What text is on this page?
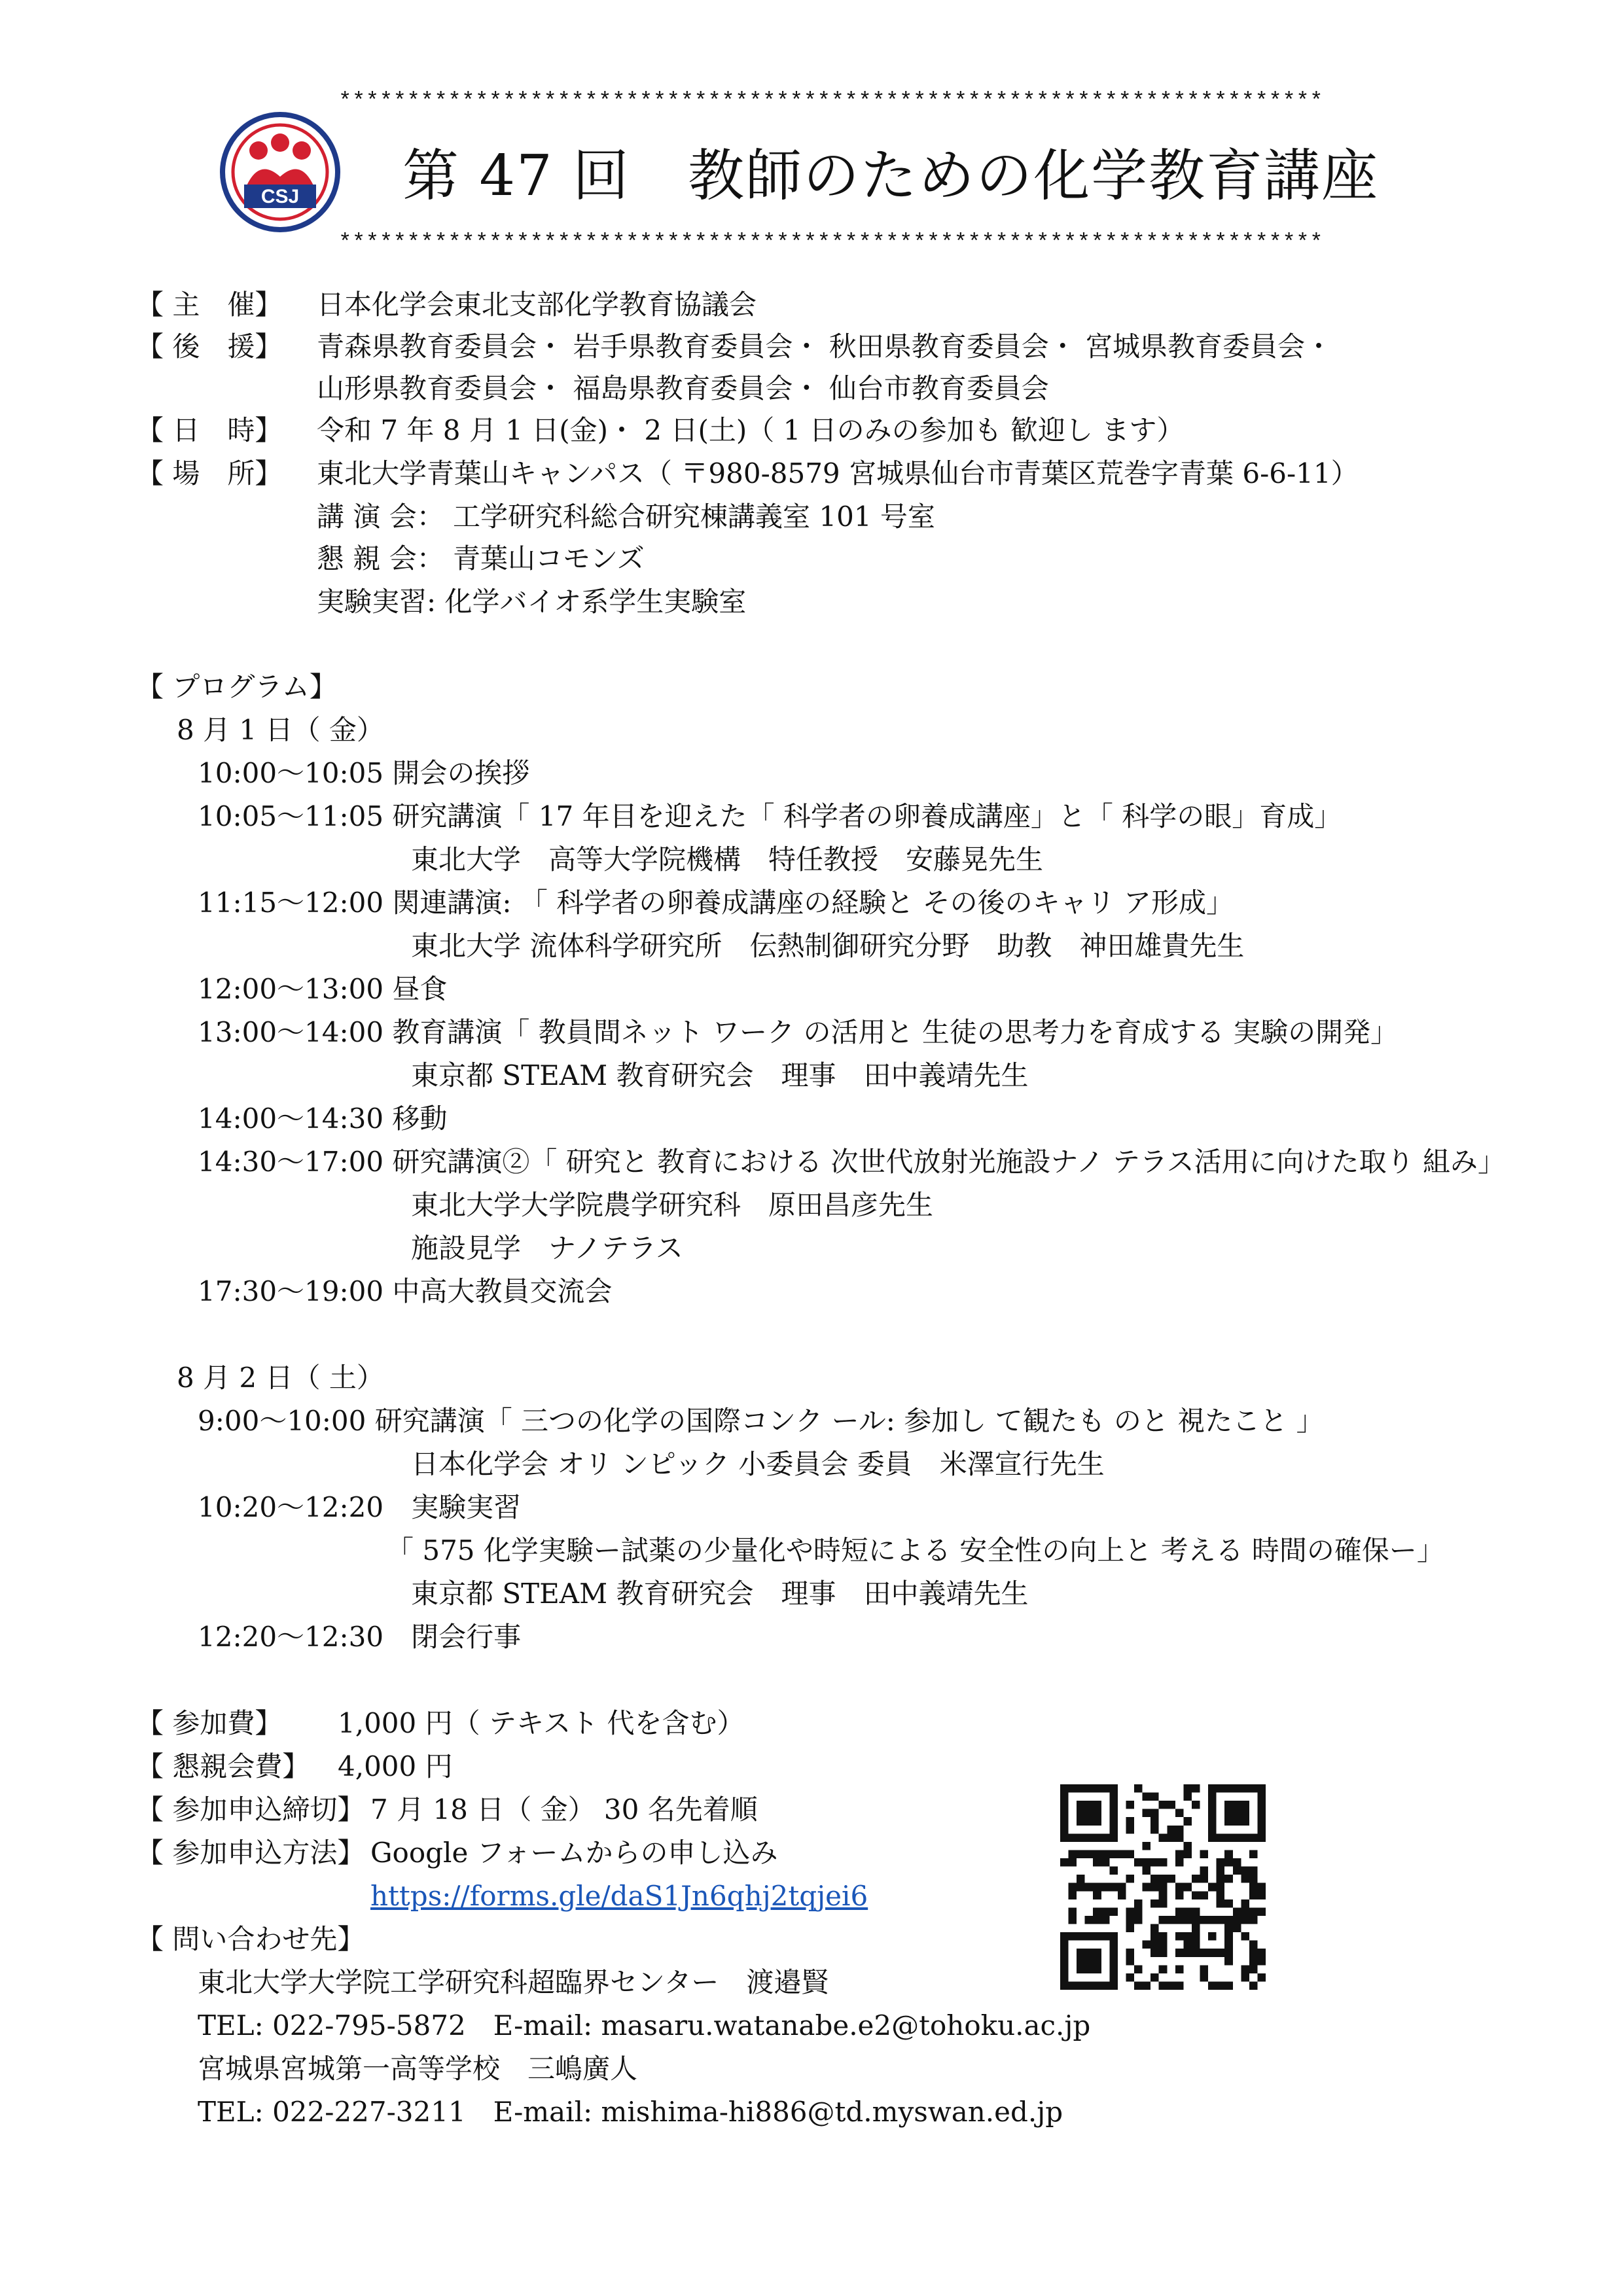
************************************************************************
************************************************************************
CSJ 第 47 回　教師のための化学教育講座
【 主　催】 日本化学会東北支部化学教育協議会
【 後　援】 青森県教育委員会・ 岩手県教育委員会・ 秋田県教育委員会・ 宮城県教育委員会・
山形県教育委員会・ 福島県教育委員会・ 仙台市教育委員会
【 日　時】 令和 7 年 8 月 1 日(金)・ 2 日(土)（ 1 日のみの参加も 歓迎し ます）
【 場　所】 東北大学青葉山キャンパス（ 〒980-8579 宮城県仙台市青葉区荒巻字青葉 6-6-11）
講 演 会： 工学研究科総合研究棟講義室 101 号室
懇 親 会： 青葉山コモンズ
実験実習: 化学バイオ系学生実験室
【 プログラム】
8 月 1 日（ 金）
10:00～10:05 開会の挨拶
10:05～11:05 研究講演「 17 年目を迎えた「 科学者の卵養成講座」と「 科学の眼」育成」
東北大学　高等大学院機構　特任教授　安藤晃先生
11:15～12:00 関連講演: 「 科学者の卵養成講座の経験と その後のキャリ ア形成」
東北大学 流体科学研究所　伝熱制御研究分野　助教　神田雄貴先生
12:00～13:00 昼食
13:00～14:00 教育講演「 教員間ネット ワーク の活用と 生徒の思考力を育成する 実験の開発」
東京都 STEAM 教育研究会　理事　田中義靖先生
14:00～14:30 移動
14:30～17:00 研究講演②「 研究と 教育における 次世代放射光施設ナノ テラス活用に向けた取り 組み」
東北大学大学院農学研究科　原田昌彦先生
施設見学　ナノテラス
17:30～19:00 中高大教員交流会
8 月 2 日（ 土）
9:00～10:00 研究講演「 三つの化学の国際コンク ール: 参加し て観たも のと 視たこと 」
日本化学会 オリ ンピック 小委員会 委員　米澤宣行先生
10:20～12:20　実験実習
「 575 化学実験ー試薬の少量化や時短による 安全性の向上と 考える 時間の確保ー」
東京都 STEAM 教育研究会　理事　田中義靖先生
12:20～12:30　閉会行事
【 参加費】 1,000 円（ テキスト 代を含む）
【 懇親会費】 4,000 円
【 参加申込締切】 7 月 18 日（ 金） 30 名先着順
【 参加申込方法】 Google フォームからの申し込み
https://forms.gle/daS1Jn6qhj2tqjei6
【 問い合わせ先】
東北大学大学院工学研究科超臨界センター　渡邉賢
TEL: 022-795-5872　E-mail: masaru.watanabe.e2@tohoku.ac.jp
宮城県宮城第一高等学校　三嶋廣人
TEL: 022-227-3211　E-mail: mishima-hi886@td.myswan.ed.jp
